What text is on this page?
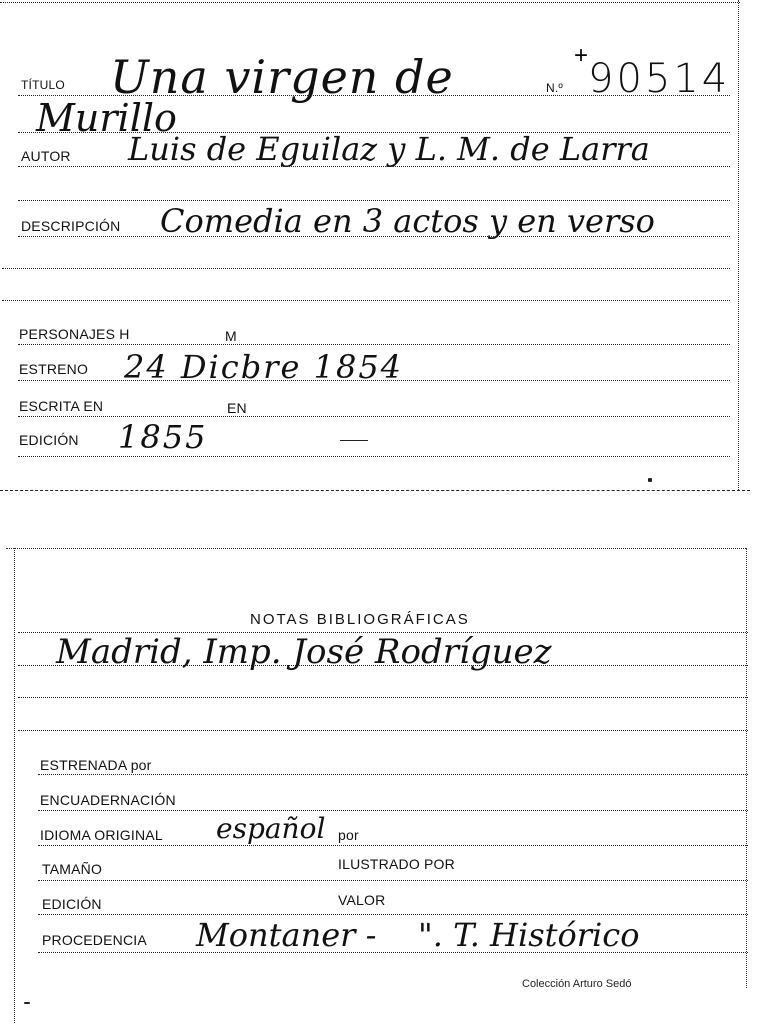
TÍTULO Una virgen de	N.º 90514
+
Murillo
AUTOR Luis de Eguilaz y L. M. de Larra
DESCRIPCIÓN Comedia en 3 actos y en verso
PERSONAJES H	M
ESTRENO 24 Dicbre 1854
ESCRITA EN	EN
EDICIÓN 1855
NOTAS BIBLIOGRÁFICAS
Madrid, Imp. José Rodríguez
ESTRENADA por
ENCUADERNACIÓN
IDIOMA ORIGINAL español por
TAMAÑO	ILUSTRADO POR
EDICIÓN	VALOR
PROCEDENCIA Montaner - ". T. Histórico
Colección Arturo Sedó
